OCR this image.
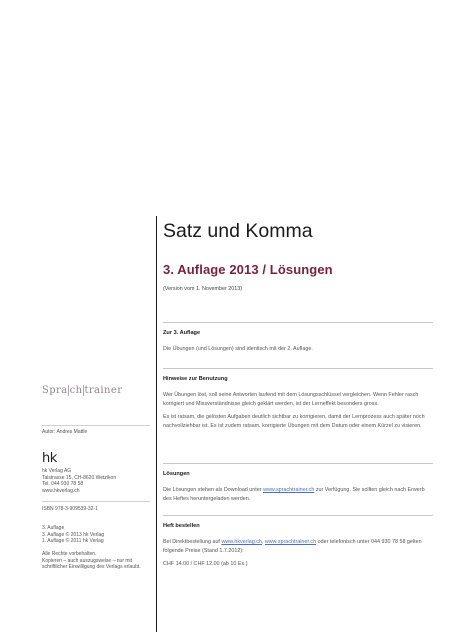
Satz und Komma
3. Auflage 2013 / Lösungen
(Version vom 1. November 2013)
Zur 3. Auflage

Die Übungen (und Lösungen) sind identisch mit der 2. Auflage.

Hinweise zur Benutzung

Wer Übungen löst, soll seine Antworten laufend mit dem Lösungsschlüssel vergleichen. Wenn Fehler rasch korrigiert und Missverständnisse gleich geklärt werden, ist der Lerneffekt besonders gross.

Es ist ratsam, die gelösten Aufgaben deutlich sichtbar zu korrigieren, damit der Lernprozess auch später noch nachvollziehbar ist. Es ist zudem ratsam, korrigierte Übungen mit dem Datum oder einem Kürzel zu visieren.

Lösungen

Die Lösungen stehen als Download unter www.sprachtrainer.ch zur Verfügung. Sie sollten gleich nach Erwerb des Heftes heruntergeladen werden.

Heft bestellen

Bei Direktbestellung auf www.hkverlag.ch, www.sprachtrainer.ch oder telefonisch unter 044 930 78 58 gelten folgende Preise (Stand 1.7.2012):

CHF 14.00 / CHF 12.00 (ab 10 Ex.)

Spra ch trainer
Autor: Andres Mattle
hk
hk Verlag AG
Talstrasse 15, CH-8620 Wetzikon
Tel. 044 930 78 58
www.hkverlag.ch
ISBN 978-3-909539-32-1
3. Auflage
3. Auflage © 2013 hk Verlag
1. Auflage © 2011 hk Verlag
Alle Rechte vorbehalten.
Kopieren – auch auszugsweise – nur mit
schriftlicher Einwilligung des Verlags erlaubt.
